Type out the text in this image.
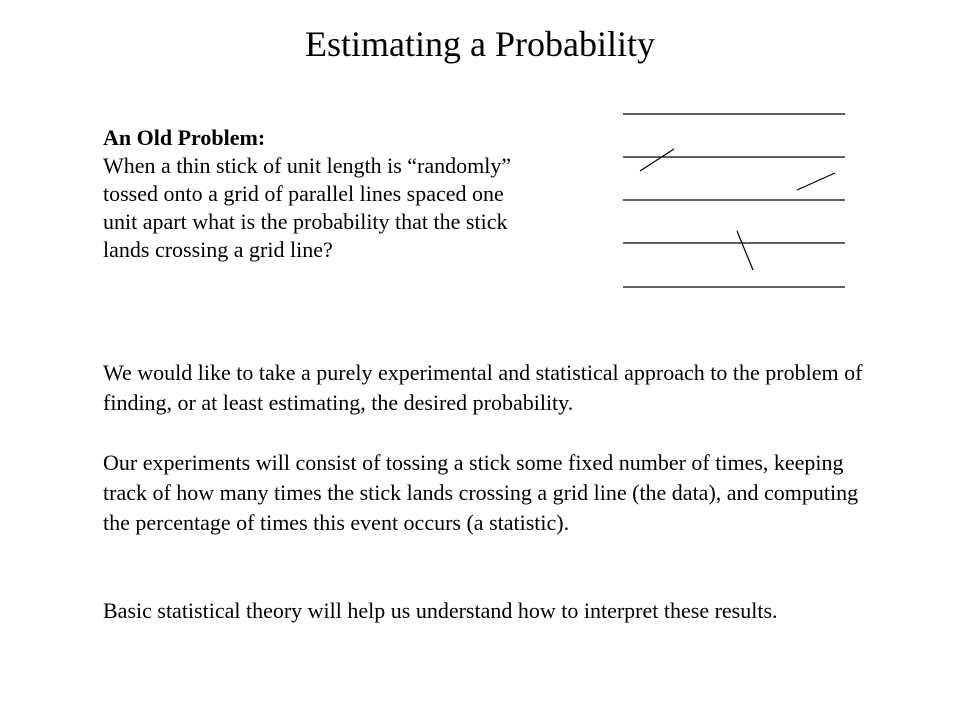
Estimating a Probability
An Old Problem:
When a thin stick of unit length is “randomly” tossed onto a grid of parallel lines spaced one unit apart what is the probability that the stick lands crossing a grid line?

We would like to take a purely experimental and statistical approach to the problem of finding, or at least estimating, the desired probability.

Our experiments will consist of tossing a stick some fixed number of times, keeping track of how many times the stick lands crossing a grid line (the data), and computing the percentage of times this event occurs (a statistic).

Basic statistical theory will help us understand how to interpret these results.
